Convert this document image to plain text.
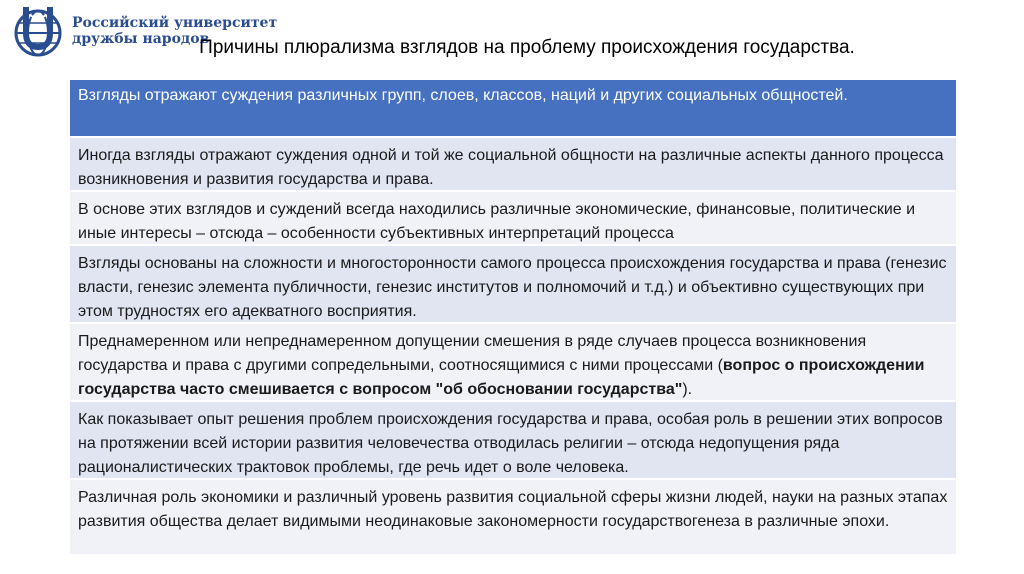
Российский университет
дружбы народов
Причины плюрализма взглядов на проблему происхождения государства.
Взгляды отражают суждения различных групп, слоев, классов, наций и других социальных общностей.
Иногда взгляды отражают суждения одной и той же социальной общности на различные аспекты данного процесса возникновения и развития государства и права.
В основе этих взглядов и суждений всегда находились различные экономические, финансовые, политические и иные интересы – отсюда – особенности субъективных интерпретаций процесса
Взгляды основаны на сложности и многосторонности самого процесса происхождения государства и права (генезис власти, генезис элемента публичности, генезис институтов и полномочий и т.д.) и объективно существующих при этом трудностях его адекватного восприятия.
Преднамеренном или непреднамеренном допущении смешения в ряде случаев процесса возникновения государства и права с другими сопредельными, соотносящимися с ними процессами (вопрос о происхождении государства часто смешивается с вопросом "об обосновании государства").
Как показывает опыт решения проблем происхождения государства и права, особая роль в решении этих вопросов на протяжении всей истории развития человечества отводилась религии – отсюда недопущения ряда рационалистических трактовок проблемы, где речь идет о воле человека.
Различная роль экономики и различный уровень развития социальной сферы жизни людей, науки на разных этапах развития общества делает видимыми неодинаковые закономерности государствогенеза в различные эпохи.
